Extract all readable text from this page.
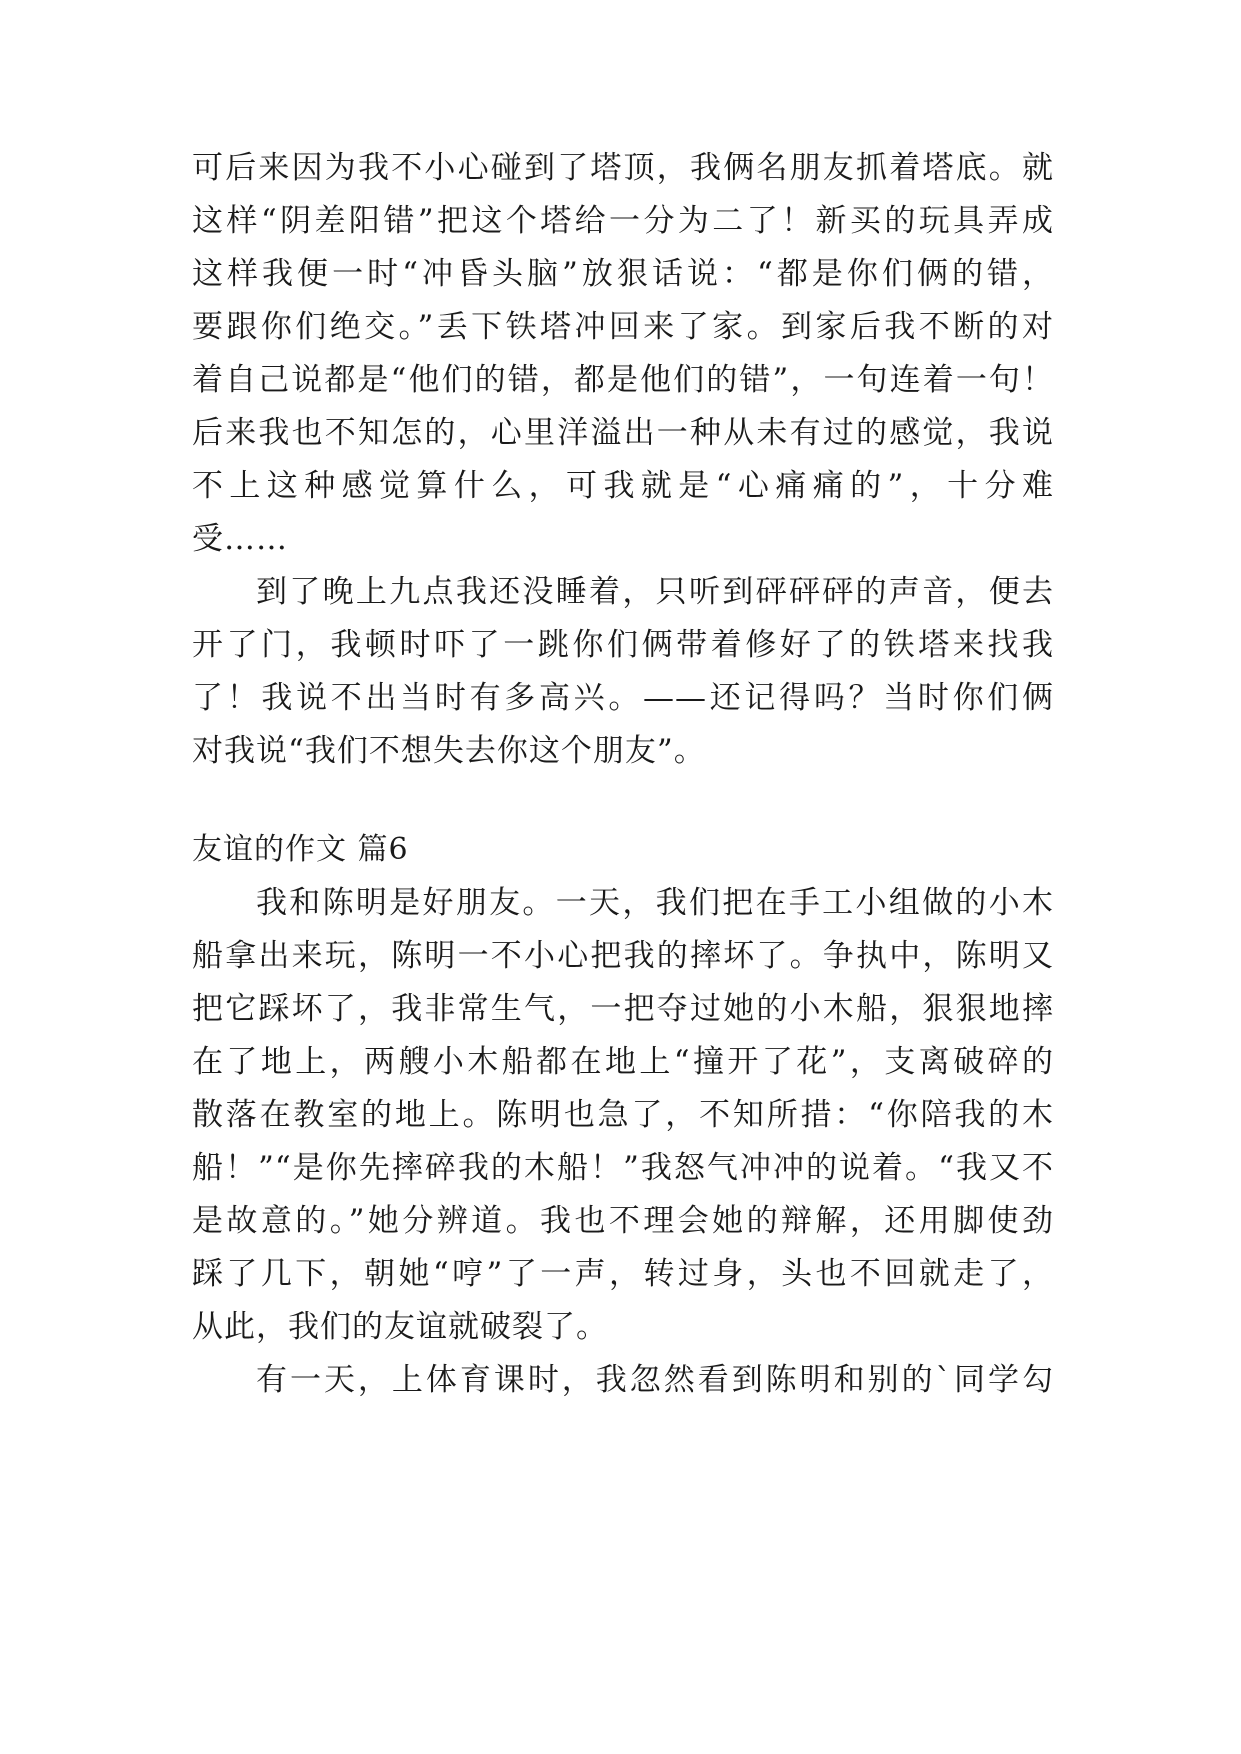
可后来因为我不小心碰到了塔顶，我俩名朋友抓着塔底。就
这样“阴差阳错”把这个塔给一分为二了！新买的玩具弄成
这样我便一时“冲昏头脑”放狠话说：“都是你们俩的错，
要跟你们绝交。”丢下铁塔冲回来了家。到家后我不断的对
着自己说都是“他们的错，都是他们的错”，一句连着一句！
后来我也不知怎的，心里洋溢出一种从未有过的感觉，我说
不上这种感觉算什么，可我就是“心痛痛的”，十分难
受……
到了晚上九点我还没睡着，只听到砰砰砰的声音，便去
开了门，我顿时吓了一跳你们俩带着修好了的铁塔来找我
了！我说不出当时有多高兴。——还记得吗？当时你们俩
对我说“我们不想失去你这个朋友”。
友谊的作文 篇6
我和陈明是好朋友。一天，我们把在手工小组做的小木
船拿出来玩，陈明一不小心把我的摔坏了。争执中，陈明又
把它踩坏了，我非常生气，一把夺过她的小木船，狠狠地摔
在了地上，两艘小木船都在地上“撞开了花”，支离破碎的
散落在教室的地上。陈明也急了，不知所措：“你陪我的木
船！”“是你先摔碎我的木船！”我怒气冲冲的说着。“我又不
是故意的。”她分辨道。我也不理会她的辩解，还用脚使劲
踩了几下，朝她“哼”了一声，转过身，头也不回就走了，
从此，我们的友谊就破裂了。
有一天，上体育课时，我忽然看到陈明和别的`同学勾
